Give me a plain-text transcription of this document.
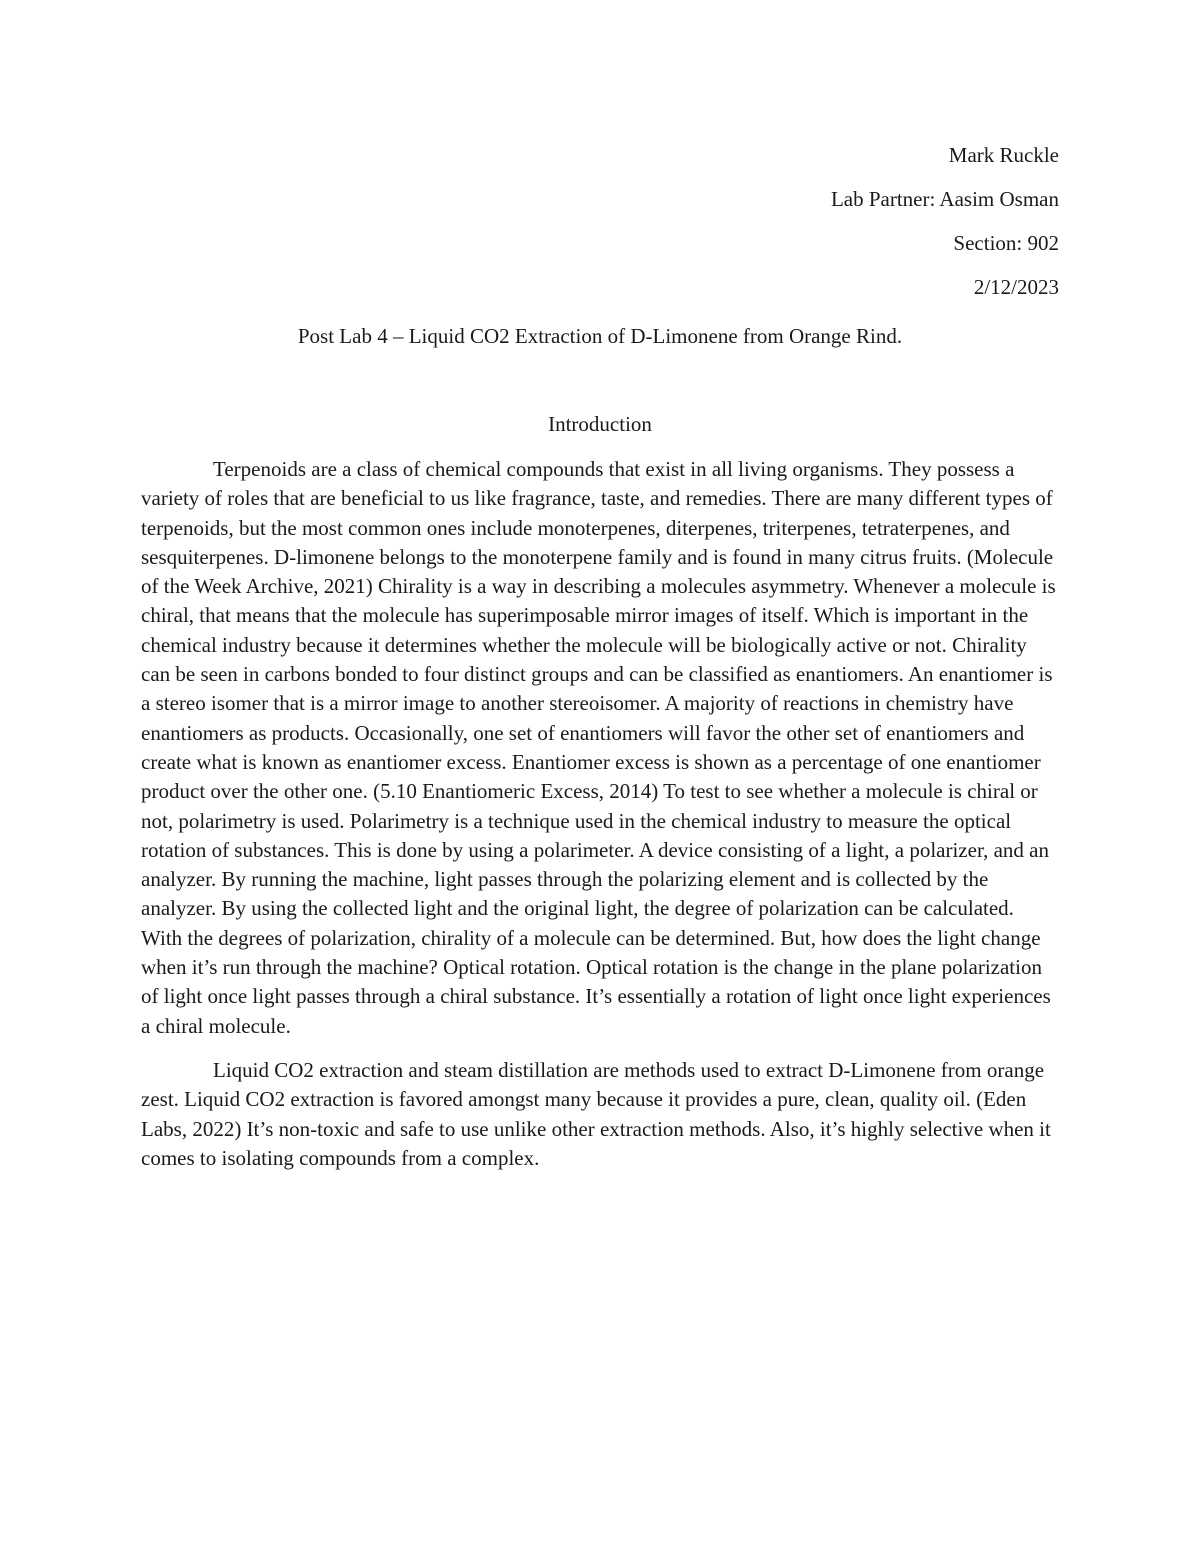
Mark Ruckle
Lab Partner: Aasim Osman
Section: 902
2/12/2023
Post Lab 4 – Liquid CO2 Extraction of D-Limonene from Orange Rind.
Introduction

Terpenoids are a class of chemical compounds that exist in all living organisms. They possess a variety of roles that are beneficial to us like fragrance, taste, and remedies. There are many different types of terpenoids, but the most common ones include monoterpenes, diterpenes, triterpenes, tetraterpenes, and sesquiterpenes. D-limonene belongs to the monoterpene family and is found in many citrus fruits. (Molecule of the Week Archive, 2021) Chirality is a way in describing a molecules asymmetry. Whenever a molecule is chiral, that means that the molecule has superimposable mirror images of itself. Which is important in the chemical industry because it determines whether the molecule will be biologically active or not. Chirality can be seen in carbons bonded to four distinct groups and can be classified as enantiomers. An enantiomer is a stereo isomer that is a mirror image to another stereoisomer. A majority of reactions in chemistry have enantiomers as products. Occasionally, one set of enantiomers will favor the other set of enantiomers and create what is known as enantiomer excess. Enantiomer excess is shown as a percentage of one enantiomer product over the other one. (5.10 Enantiomeric Excess, 2014) To test to see whether a molecule is chiral or not, polarimetry is used. Polarimetry is a technique used in the chemical industry to measure the optical rotation of substances. This is done by using a polarimeter. A device consisting of a light, a polarizer, and an analyzer. By running the machine, light passes through the polarizing element and is collected by the analyzer. By using the collected light and the original light, the degree of polarization can be calculated. With the degrees of polarization, chirality of a molecule can be determined. But, how does the light change when it’s run through the machine? Optical rotation. Optical rotation is the change in the plane polarization of light once light passes through a chiral substance. It’s essentially a rotation of light once light experiences a chiral molecule.

Liquid CO2 extraction and steam distillation are methods used to extract D-Limonene from orange zest. Liquid CO2 extraction is favored amongst many because it provides a pure, clean, quality oil. (Eden Labs, 2022) It’s non-toxic and safe to use unlike other extraction methods. Also, it’s highly selective when it comes to isolating compounds from a complex.
